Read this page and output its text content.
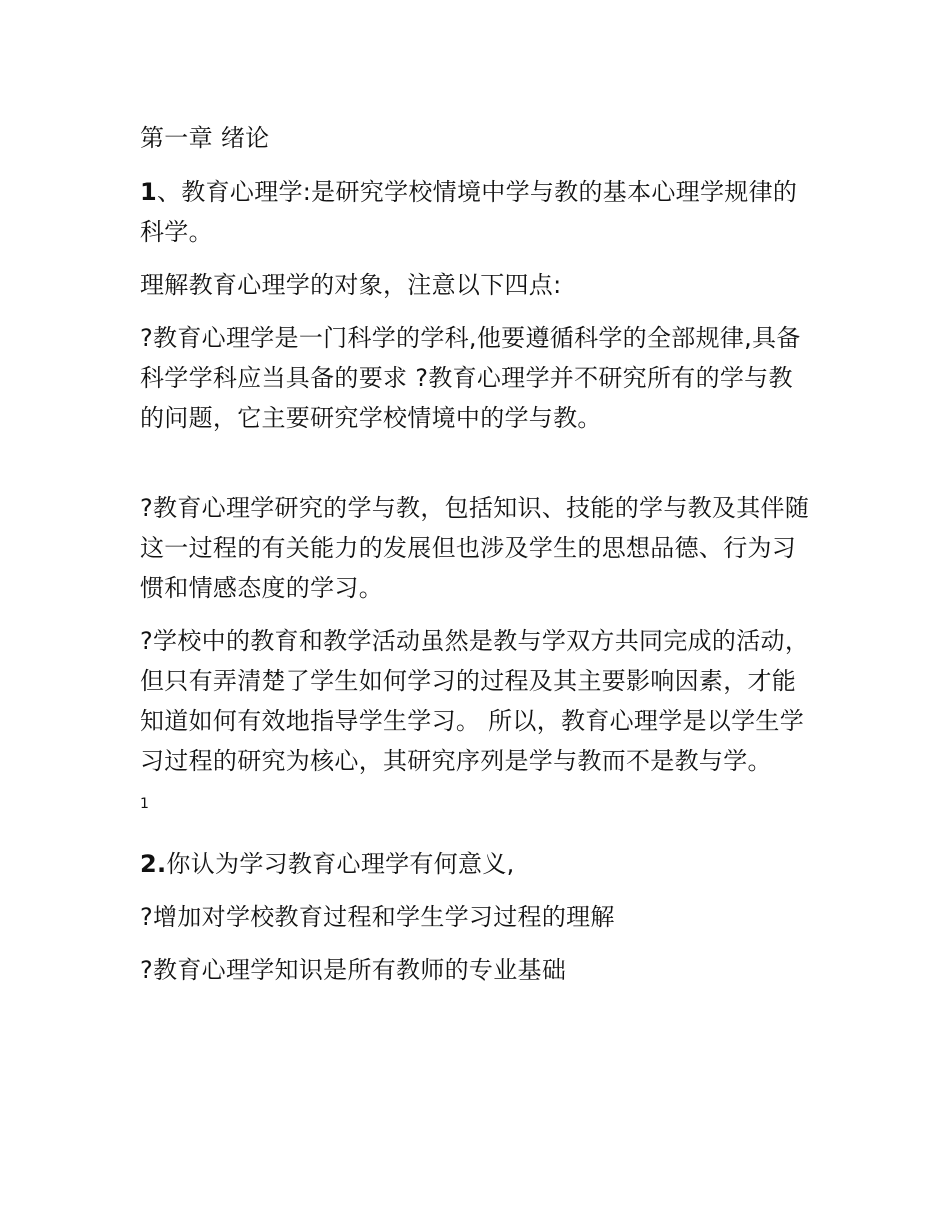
第一章 绪论

1、教育心理学:是研究学校情境中学与教的基本心理学规律的科学。

理解教育心理学的对象，注意以下四点:

?教育心理学是一门科学的学科,他要遵循科学的全部规律,具备科学学科应当具备的要求 ?教育心理学并不研究所有的学与教的问题，它主要研究学校情境中的学与教。

?教育心理学研究的学与教，包括知识、技能的学与教及其伴随这一过程的有关能力的发展但也涉及学生的思想品德、行为习惯和情感态度的学习。

?学校中的教育和教学活动虽然是教与学双方共同完成的活动，但只有弄清楚了学生如何学习的过程及其主要影响因素，才能知道如何有效地指导学生学习。 所以，教育心理学是以学生学习过程的研究为核心，其研究序列是学与教而不是教与学。

1

2.你认为学习教育心理学有何意义,

?增加对学校教育过程和学生学习过程的理解

?教育心理学知识是所有教师的专业基础
